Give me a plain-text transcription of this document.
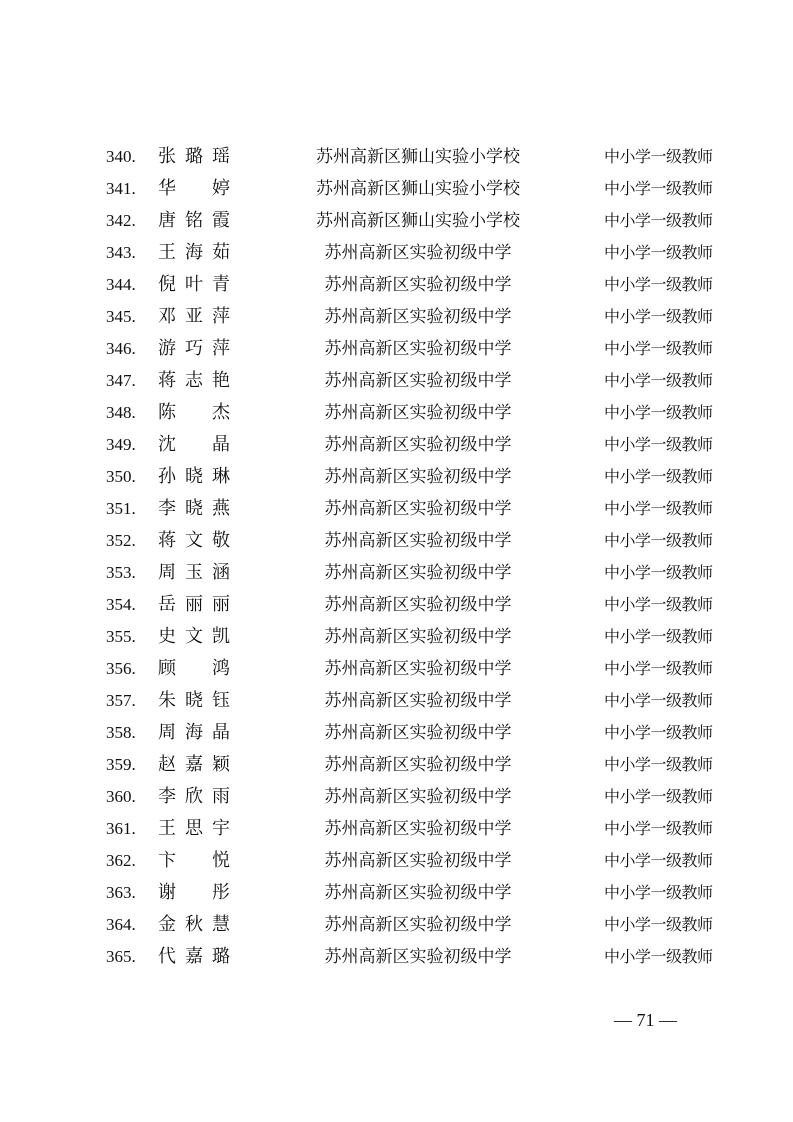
340.	张 璐 瑶	苏州高新区狮山实验小学校	中小学一级教师
341.	华 婷	苏州高新区狮山实验小学校	中小学一级教师
342.	唐 铭 霞	苏州高新区狮山实验小学校	中小学一级教师
343.	王 海 茹	苏州高新区实验初级中学	中小学一级教师
344.	倪 叶 青	苏州高新区实验初级中学	中小学一级教师
345.	邓 亚 萍	苏州高新区实验初级中学	中小学一级教师
346.	游 巧 萍	苏州高新区实验初级中学	中小学一级教师
347.	蒋 志 艳	苏州高新区实验初级中学	中小学一级教师
348.	陈 杰	苏州高新区实验初级中学	中小学一级教师
349.	沈 晶	苏州高新区实验初级中学	中小学一级教师
350.	孙 晓 琳	苏州高新区实验初级中学	中小学一级教师
351.	李 晓 燕	苏州高新区实验初级中学	中小学一级教师
352.	蒋 文 敬	苏州高新区实验初级中学	中小学一级教师
353.	周 玉 涵	苏州高新区实验初级中学	中小学一级教师
354.	岳 丽 丽	苏州高新区实验初级中学	中小学一级教师
355.	史 文 凯	苏州高新区实验初级中学	中小学一级教师
356.	顾 鸿	苏州高新区实验初级中学	中小学一级教师
357.	朱 晓 钰	苏州高新区实验初级中学	中小学一级教师
358.	周 海 晶	苏州高新区实验初级中学	中小学一级教师
359.	赵 嘉 颖	苏州高新区实验初级中学	中小学一级教师
360.	李 欣 雨	苏州高新区实验初级中学	中小学一级教师
361.	王 思 宇	苏州高新区实验初级中学	中小学一级教师
362.	卞 悦	苏州高新区实验初级中学	中小学一级教师
363.	谢 彤	苏州高新区实验初级中学	中小学一级教师
364.	金 秋 慧	苏州高新区实验初级中学	中小学一级教师
365.	代 嘉 璐	苏州高新区实验初级中学	中小学一级教师
— 71 —
